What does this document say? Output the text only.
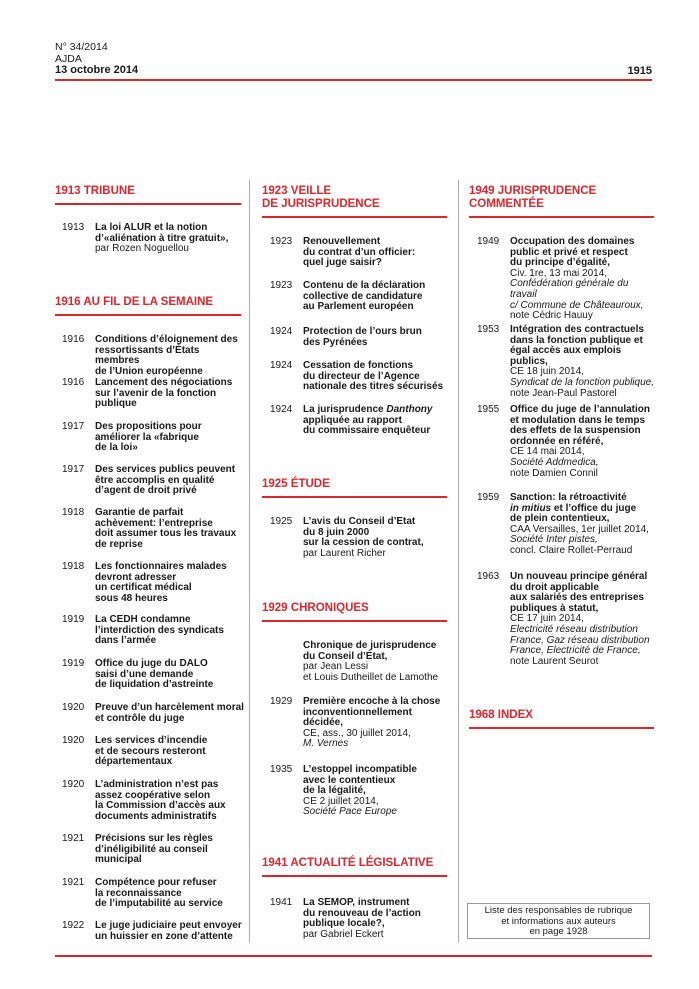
N° 34/2014
AJDA
13 octobre 2014	1915
1913 TRIBUNE
1913	La loi ALUR et la notion
d’«aliénation à titre gratuit»,
par Rozen Noguellou
1916 AU FIL DE LA SEMAINE
1916	Conditions d’éloignement des
ressortissants d’États membres
de l’Union européenne
1916	Lancement des négociations
sur l’avenir de la fonction
publique
1917	Des propositions pour
améliorer la «fabrique
de la loi»
1917	Des services publics peuvent
être accomplis en qualité
d’agent de droit privé
1918	Garantie de parfait
achèvement: l’entreprise
doit assumer tous les travaux
de reprise
1918	Les fonctionnaires malades
devront adresser
un certificat médical
sous 48 heures
1919	La CEDH condamne
l’interdiction des syndicats
dans l’armée
1919	Office du juge du DALO
saisi d’une demande
de liquidation d’astreinte
1920	Preuve d’un harcèlement moral
et contrôle du juge
1920	Les services d’incendie
et de secours resteront
départementaux
1920	L’administration n’est pas
assez coopérative selon
la Commission d’accès aux
documents administratifs
1921	Précisions sur les règles
d’inéligibilité au conseil
municipal
1921	Compétence pour refuser
la reconnaissance
de l’imputabilité au service
1922	Le juge judiciaire peut envoyer
un huissier en zone d’attente
1923 VEILLE
DE JURISPRUDENCE
1923	Renouvellement
du contrat d’un officier:
quel juge saisir?
1923	Contenu de la déclaration
collective de candidature
au Parlement européen
1924	Protection de l’ours brun
des Pyrénées
1924	Cessation de fonctions
du directeur de l’Agence
nationale des titres sécurisés
1924	La jurisprudence Danthony
appliquée au rapport
du commissaire enquêteur
1925 ÉTUDE
1925	L’avis du Conseil d’Etat
du 8 juin 2000
sur la cession de contrat,
par Laurent Richer
1929 CHRONIQUES
Chronique de jurisprudence
du Conseil d’État,
par Jean Lessi
et Louis Dutheillet de Lamothe
1929	Première encoche à la chose
inconventionnellement
décidée,
CE, ass., 30 juillet 2014,
M. Vernes
1935	L’estoppel incompatible
avec le contentieux
de la légalité,
CE 2 juillet 2014,
Société Pace Europe
1941 ACTUALITÉ LÉGISLATIVE
1941	La SEMOP, instrument
du renouveau de l’action
publique locale?,
par Gabriel Eckert
1949 JURISPRUDENCE
COMMENTÉE
1949	Occupation des domaines
public et privé et respect
du principe d’égalité,
Civ. 1re, 13 mai 2014,
Confédération générale du travail
c/ Commune de Châteauroux,
note Cédric Hauuy
1953	Intégration des contractuels
dans la fonction publique et
égal accès aux emplois publics,
CE 18 juin 2014,
Syndicat de la fonction publique,
note Jean-Paul Pastorel
1955	Office du juge de l’annulation
et modulation dans le temps
des effets de la suspension
ordonnée en référé,
CE 14 mai 2014,
Société Addmedica,
note Damien Connil
1959	Sanction: la rétroactivité
in mitius et l’office du juge
de plein contentieux,
CAA Versailles, 1er juillet 2014,
Société Inter pistes,
concl. Claire Rollet-Perraud
1963	Un nouveau principe général
du droit applicable
aux salariés des entreprises
publiques à statut,
CE 17 juin 2014,
Electricité réseau distribution
France, Gaz réseau distribution
France, Electricité de France,
note Laurent Seurot
1968 INDEX
Liste des responsables de rubrique
et informations aux auteurs
en page 1928
